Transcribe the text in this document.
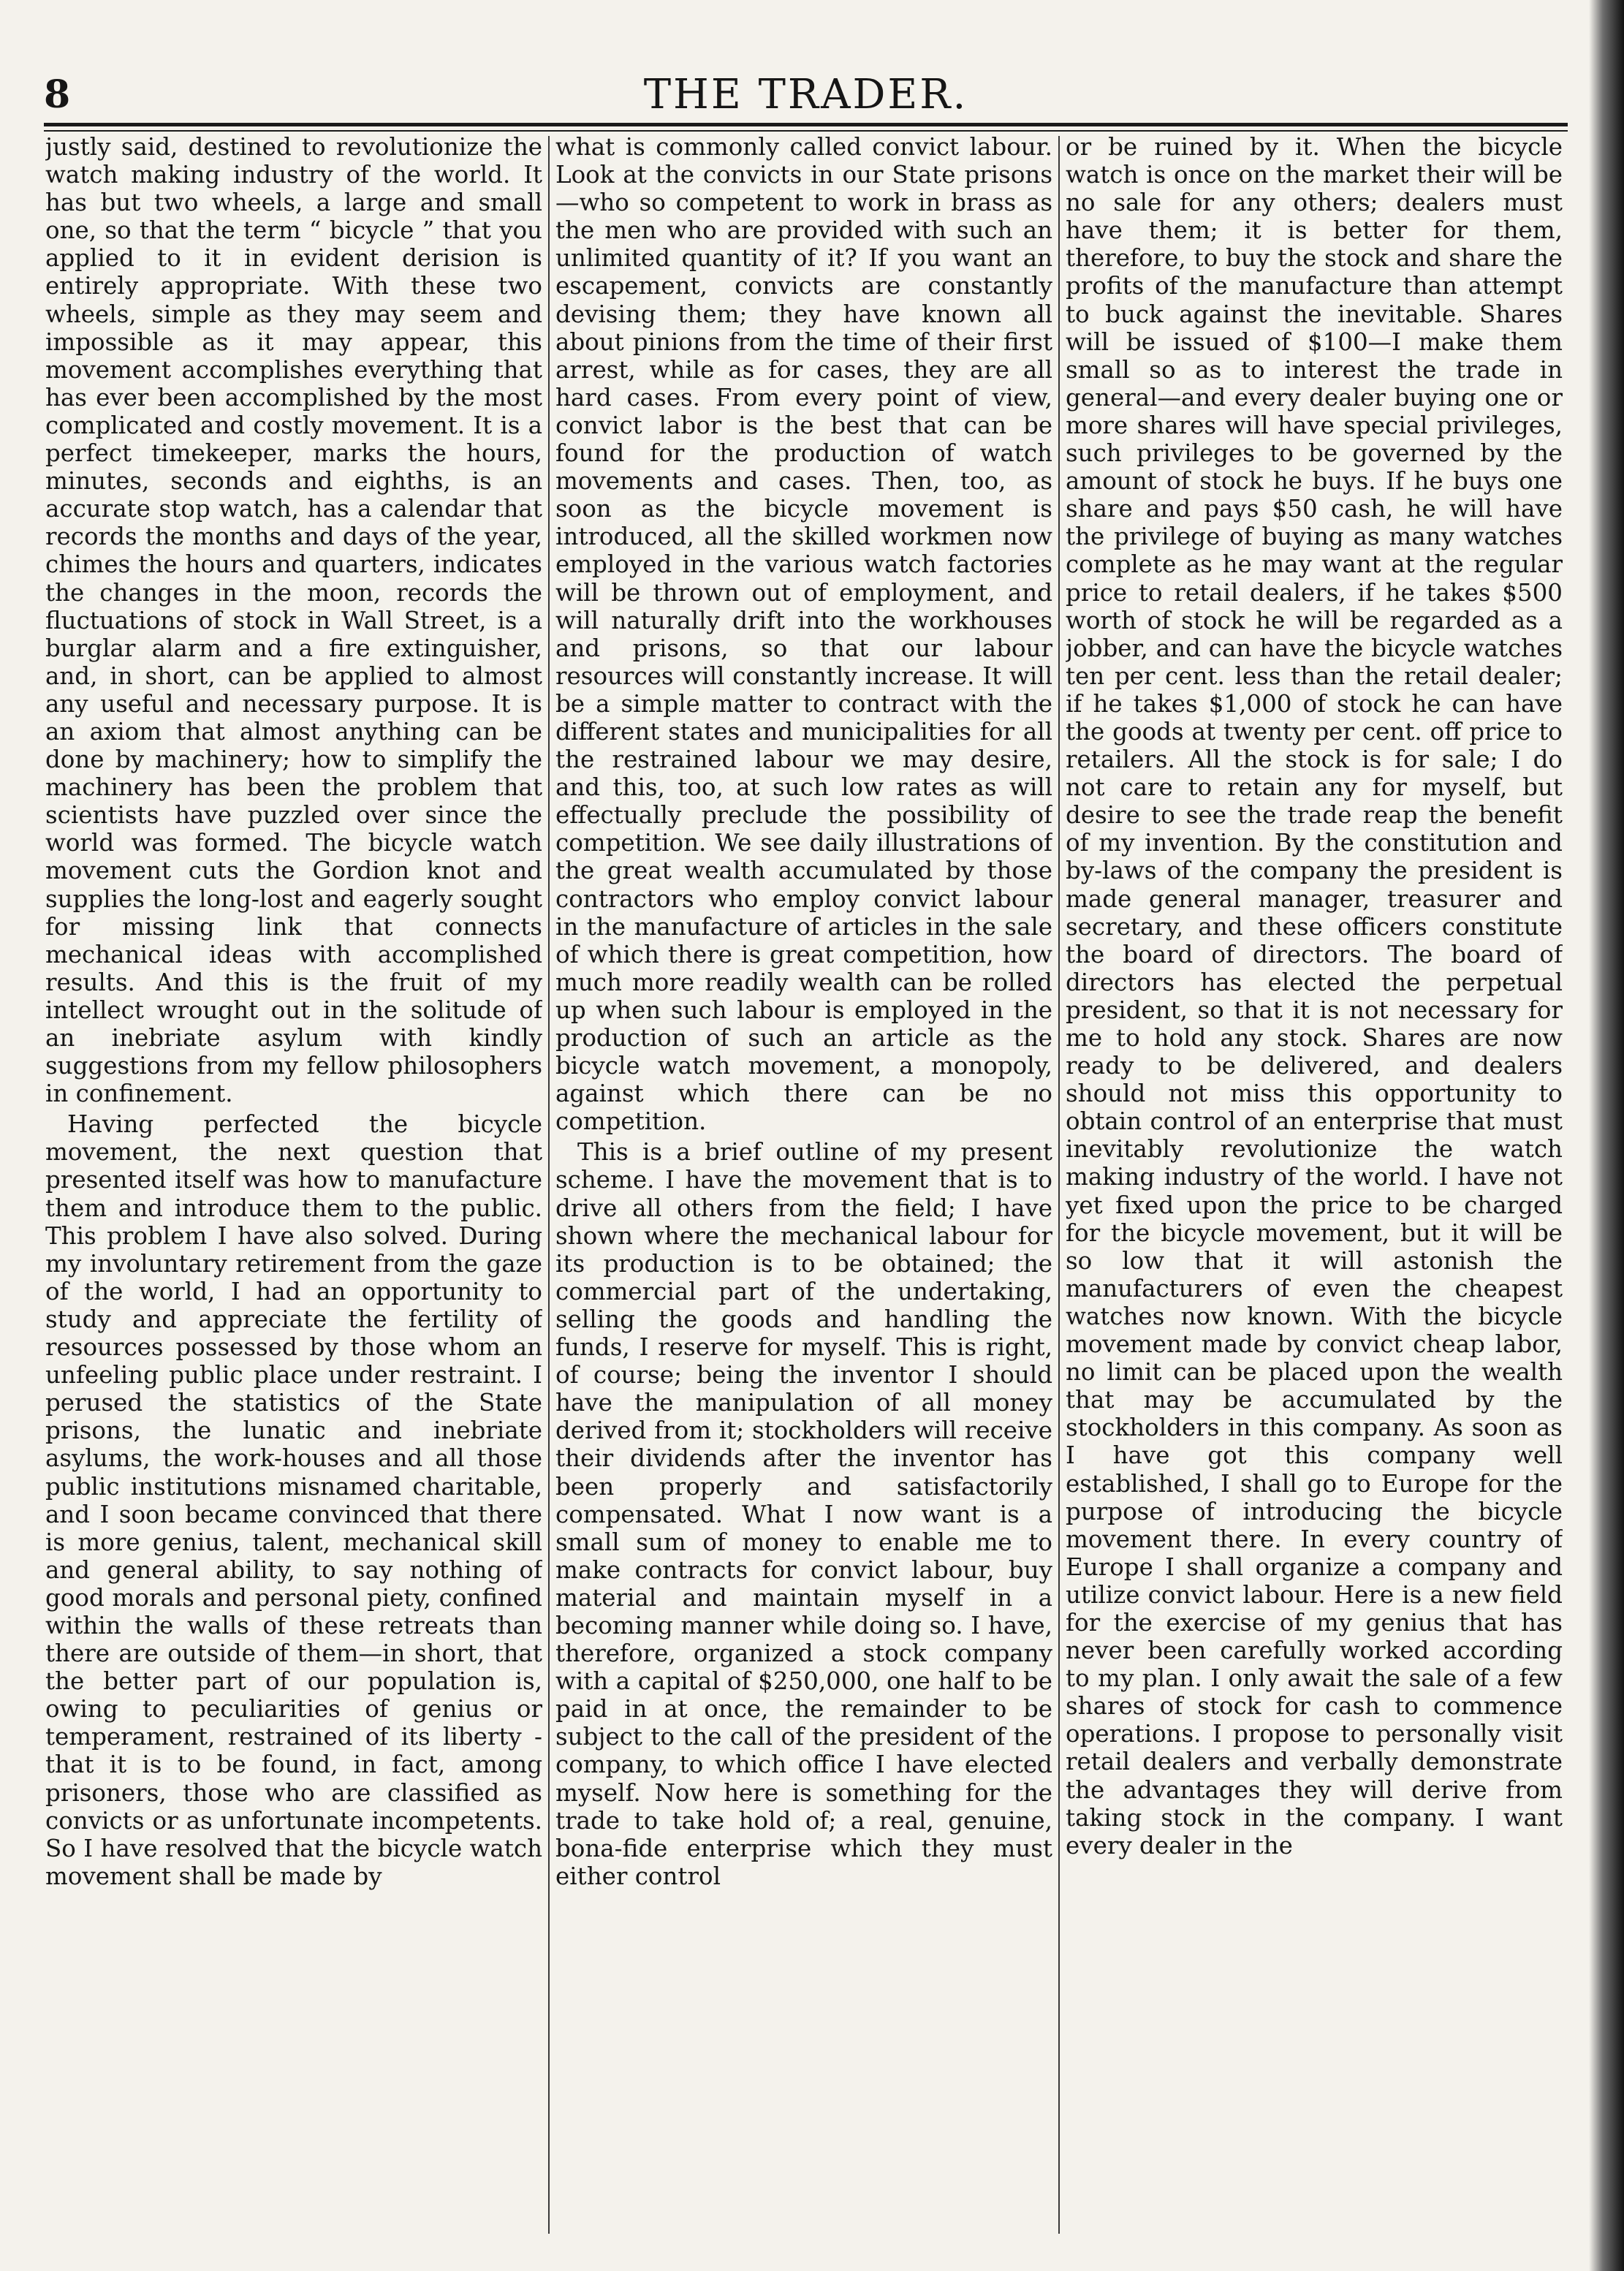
8	THE TRADER.

justly said, destined to revolutionize the watch making industry of the world. It has but two wheels, a large and small one, so that the term “ bicycle ” that you applied to it in evident derision is entirely appropriate. With these two wheels, simple as they may seem and impossible as it may appear, this movement accomplishes everything that has ever been accomplished by the most complicated and costly movement. It is a perfect timekeeper, marks the hours, minutes, seconds and eighths, is an accurate stop watch, has a calendar that records the months and days of the year, chimes the hours and quarters, indicates the changes in the moon, records the fluctuations of stock in Wall Street, is a burglar alarm and a fire extinguisher, and, in short, can be applied to almost any useful and necessary purpose. It is an axiom that almost anything can be done by machinery; how to simplify the machinery has been the problem that scientists have puzzled over since the world was formed. The bicycle watch movement cuts the Gordion knot and supplies the long-lost and eagerly sought for missing link that connects mechanical ideas with accomplished results. And this is the fruit of my intellect wrought out in the solitude of an inebriate asylum with kindly suggestions from my fellow philosophers in confinement.

Having perfected the bicycle movement, the next question that presented itself was how to manufacture them and introduce them to the public. This problem I have also solved. During my involuntary retirement from the gaze of the world, I had an opportunity to study and appreciate the fertility of resources possessed by those whom an unfeeling public place under restraint. I perused the statistics of the State prisons, the lunatic and inebriate asylums, the work-houses and all those public institutions misnamed charitable, and I soon became convinced that there is more genius, talent, mechanical skill and general ability, to say nothing of good morals and personal piety, confined within the walls of these retreats than there are outside of them—in short, that the better part of our population is, owing to peculiarities of genius or temperament, restrained of its liberty - that it is to be found, in fact, among prisoners, those who are classified as convicts or as unfortunate incompetents. So I have resolved that the bicycle watch movement shall be made by

what is commonly called convict labour. Look at the convicts in our State prisons —who so competent to work in brass as the men who are provided with such an unlimited quantity of it? If you want an escapement, convicts are constantly devising them; they have known all about pinions from the time of their first arrest, while as for cases, they are all hard cases. From every point of view, convict labor is the best that can be found for the production of watch movements and cases. Then, too, as soon as the bicycle movement is introduced, all the skilled workmen now employed in the various watch factories will be thrown out of employment, and will naturally drift into the workhouses and prisons, so that our labour resources will constantly increase. It will be a simple matter to contract with the different states and municipalities for all the restrained labour we may desire, and this, too, at such low rates as will effectually preclude the possibility of competition. We see daily illustrations of the great wealth accumulated by those contractors who employ convict labour in the manufacture of articles in the sale of which there is great competition, how much more readily wealth can be rolled up when such labour is employed in the production of such an article as the bicycle watch movement, a monopoly, against which there can be no competition.

This is a brief outline of my present scheme. I have the movement that is to drive all others from the field; I have shown where the mechanical labour for its production is to be obtained; the commercial part of the undertaking, selling the goods and handling the funds, I reserve for myself. This is right, of course; being the inventor I should have the manipulation of all money derived from it; stockholders will receive their dividends after the inventor has been properly and satisfactorily compensated. What I now want is a small sum of money to enable me to make contracts for convict labour, buy material and maintain myself in a becoming manner while doing so. I have, therefore, organized a stock company with a capital of $250,000, one half to be paid in at once, the remainder to be subject to the call of the president of the company, to which office I have elected myself. Now here is something for the trade to take hold of; a real, genuine, bona-fide enterprise which they must either control

or be ruined by it. When the bicycle watch is once on the market their will be no sale for any others; dealers must have them; it is better for them, therefore, to buy the stock and share the profits of the manufacture than attempt to buck against the inevitable. Shares will be issued of $100—I make them small so as to interest the trade in general—and every dealer buying one or more shares will have special privileges, such privileges to be governed by the amount of stock he buys. If he buys one share and pays $50 cash, he will have the privilege of buying as many watches complete as he may want at the regular price to retail dealers, if he takes $500 worth of stock he will be regarded as a jobber, and can have the bicycle watches ten per cent. less than the retail dealer; if he takes $1,000 of stock he can have the goods at twenty per cent. off price to retailers. All the stock is for sale; I do not care to retain any for myself, but desire to see the trade reap the benefit of my invention. By the constitution and by-laws of the company the president is made general manager, treasurer and secretary, and these officers constitute the board of directors. The board of directors has elected the perpetual president, so that it is not necessary for me to hold any stock. Shares are now ready to be delivered, and dealers should not miss this opportunity to obtain control of an enterprise that must inevitably revolutionize the watch making industry of the world. I have not yet fixed upon the price to be charged for the bicycle movement, but it will be so low that it will astonish the manufacturers of even the cheapest watches now known. With the bicycle movement made by convict cheap labor, no limit can be placed upon the wealth that may be accumulated by the stockholders in this company. As soon as I have got this company well established, I shall go to Europe for the purpose of introducing the bicycle movement there. In every country of Europe I shall organize a company and utilize convict labour. Here is a new field for the exercise of my genius that has never been carefully worked according to my plan. I only await the sale of a few shares of stock for cash to commence operations. I propose to personally visit retail dealers and verbally demonstrate the advantages they will derive from taking stock in the company. I want every dealer in the
